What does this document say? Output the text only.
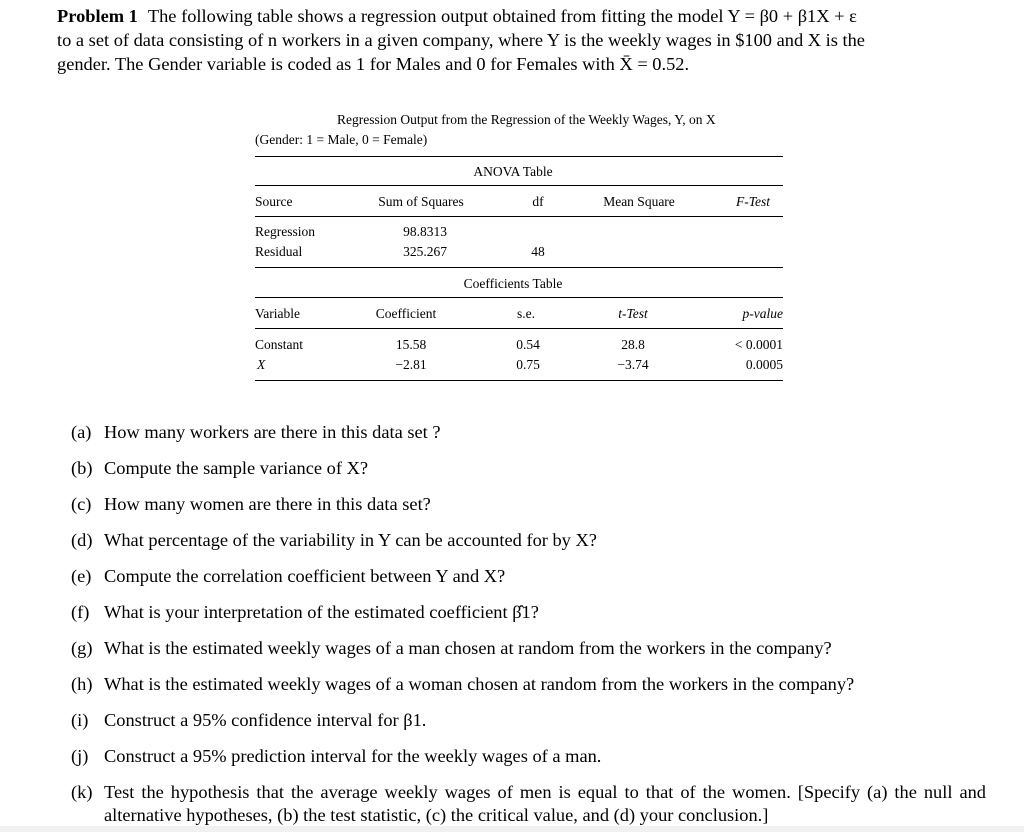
Problem 1 The following table shows a regression output obtained from fitting the model Y = β0 + β1X + ε
to a set of data consisting of n workers in a given company, where Y is the weekly wages in $100 and X is the
gender. The Gender variable is coded as 1 for Males and 0 for Females with X̄ = 0.52.
Regression Output from the Regression of the Weekly Wages, Y, on X
(Gender: 1 = Male, 0 = Female)
ANOVA Table
Source	Sum of Squares	df	Mean Square	F-Test
Regression	98.8313
Residual	325.267	48
Coefficients Table
Variable	Coefficient	s.e.	t-Test	p-value
Constant	15.58	0.54	28.8	< 0.0001
X	−2.81	0.75	−3.74	0.0005
(a) How many workers are there in this data set ?
(b) Compute the sample variance of X?
(c) How many women are there in this data set?
(d) What percentage of the variability in Y can be accounted for by X?
(e) Compute the correlation coefficient between Y and X?
(f) What is your interpretation of the estimated coefficient β̂1?
(g) What is the estimated weekly wages of a man chosen at random from the workers in the company?
(h) What is the estimated weekly wages of a woman chosen at random from the workers in the company?
(i) Construct a 95% confidence interval for β1.
(j) Construct a 95% prediction interval for the weekly wages of a man.
(k) Test the hypothesis that the average weekly wages of men is equal to that of the women. [Specify (a) the null and alternative hypotheses, (b) the test statistic, (c) the critical value, and (d) your conclusion.]
